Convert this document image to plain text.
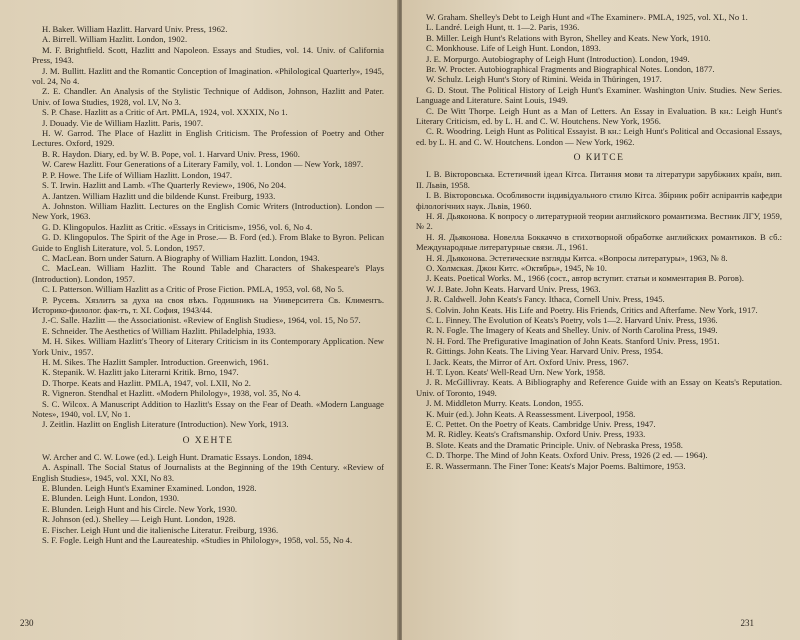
H. Baker. William Hazlitt. Harvard Univ. Press, 1962.

A. Birrell. William Hazlitt. London, 1902.

M. F. Brightfield. Scott, Hazlitt and Napoleon. Essays and Studies, vol. 14. Univ. of California Press, 1943.

J. M. Bullitt. Hazlitt and the Romantic Conception of Imagination. «Philological Quarterly», 1945, vol. 24, No 4.

Z. E. Chandler. An Analysis of the Stylistic Technique of Addison, Johnson, Hazlitt and Pater. Univ. of Iowa Studies, 1928, vol. LV, No 3.

S. P. Chase. Hazlitt as a Critic of Art. PMLA, 1924, vol. XXXIX, No 1.

J. Douady. Vie de William Hazlitt. Paris, 1907.

H. W. Garrod. The Place of Hazlitt in English Criticism. The Profession of Poetry and Other Lectures. Oxford, 1929.

B. R. Haydon. Diary, ed. by W. B. Pope, vol. 1. Harvard Univ. Press, 1960.

W. Carew Hazlitt. Four Generations of a Literary Family, vol. 1. London — New York, 1897.

P. P. Howe. The Life of William Hazlitt. London, 1947.

S. T. Irwin. Hazlitt and Lamb. «The Quarterly Review», 1906, No 204.

A. Jantzen. William Hazlitt und die bildende Kunst. Freiburg, 1933.

A. Johnston. William Hazlitt. Lectures on the English Comic Writers (Introduction). London — New York, 1963.

G. D. Klingopulos. Hazlitt as Critic. «Essays in Criticism», 1956, vol. 6, No 4.

G. D. Klingopulos. The Spirit of the Age in Prose.— B. Ford (ed.). From Blake to Byron. Pelican Guide to English Literature, vol. 5. London, 1957.

C. MacLean. Born under Saturn. A Biography of William Hazlitt. London, 1943.

C. MacLean. William Hazlitt. The Round Table and Characters of Shakespeare's Plays (Introduction). London, 1957.

C. I. Patterson. William Hazlitt as a Critic of Prose Fiction. PMLA, 1953, vol. 68, No 5.

Р. Русевъ. Хязлитъ за духа на своя вѣкъ. Годишникъ на Университета Св. Климентъ. Историко-филолог. фак-тъ, т. XI. София, 1943/44.

J.-C. Salle. Hazlitt — the Associationist. «Review of English Studies», 1964, vol. 15, No 57.

E. Schneider. The Aesthetics of William Hazlitt. Philadelphia, 1933.

M. H. Sikes. William Hazlitt's Theory of Literary Criticism in its Contemporary Application. New York Univ., 1957.

H. M. Sikes. The Hazlitt Sampler. Introduction. Greenwich, 1961.

K. Stepanik. W. Hazlitt jako Literarni Kritik. Brno, 1947.

D. Thorpe. Keats and Hazlitt. PMLA, 1947, vol. LXII, No 2.

R. Vigneron. Stendhal et Hazlitt. «Modern Philology», 1938, vol. 35, No 4.

S. C. Wilcox. A Manuscript Addition to Hazlitt's Essay on the Fear of Death. «Modern Language Notes», 1940, vol. LV, No 1.

J. Zeitlin. Hazlitt on English Literature (Introduction). New York, 1913.

О ХЕНТЕ

W. Archer and C. W. Lowe (ed.). Leigh Hunt. Dramatic Essays. London, 1894.

A. Aspinall. The Social Status of Journalists at the Beginning of the 19th Century. «Review of English Studies», 1945, vol. XXI, No 83.

E. Blunden. Leigh Hunt's Examiner Examined. London, 1928.

E. Blunden. Leigh Hunt. London, 1930.

E. Blunden. Leigh Hunt and his Circle. New York, 1930.

R. Johnson (ed.). Shelley — Leigh Hunt. London, 1928.

E. Fischer. Leigh Hunt und die italienische Literatur. Freiburg, 1936.

S. F. Fogle. Leigh Hunt and the Laureateship. «Studies in Philology», 1958, vol. 55, No 4.

230

W. Graham. Shelley's Debt to Leigh Hunt and «The Examiner». PMLA, 1925, vol. XL, No 1.

L. Landré. Leigh Hunt, tt. 1—2. Paris, 1936.

B. Miller. Leigh Hunt's Relations with Byron, Shelley and Keats. New York, 1910.

C. Monkhouse. Life of Leigh Hunt. London, 1893.

J. E. Morpurgo. Autobiography of Leigh Hunt (Introduction). London, 1949.

Br. W. Procter. Autobiographical Fragments and Biographical Notes. London, 1877.

W. Schulz. Leigh Hunt's Story of Rimini. Weida in Thüringen, 1917.

G. D. Stout. The Political History of Leigh Hunt's Examiner. Washington Univ. Studies. New Series. Language and Literature. Saint Louis, 1949.

C. De Witt Thorpe. Leigh Hunt as a Man of Letters. An Essay in Evaluation. В кн.: Leigh Hunt's Literary Criticism, ed. by L. H. and C. W. Houtchens. New York, 1956.

C. R. Woodring. Leigh Hunt as Political Essayist. В кн.: Leigh Hunt's Political and Occasional Essays, ed. by L. H. and C. W. Houtchens. London — New York, 1962.

О КИТСЕ

I. В. Вікторовська. Естетичний ідеал Кітса. Питання мови та літератури зарубіжних країн, вип. II. Львів, 1958.

I. В. Вікторовська. Особливости індивідуального стилю Кітса. Збірник робіт аспірантів кафедри філологічних наук. Львів, 1960.

Н. Я. Дьяконова. К вопросу о литературной теории английского романтизма. Вестник ЛГУ, 1959, № 2.

Н. Я. Дьяконова. Новелла Боккаччо в стихотворной обработке английских романтиков. В сб.: Международные литературные связи. Л., 1961.

Н. Я. Дьяконова. Эстетические взгляды Китса. «Вопросы литературы», 1963, № 8.

О. Холмская. Джон Китс. «Октябрь», 1945, № 10.

J. Keats. Poetical Works. M., 1966 (сост., автор вступит. статьи и комментария В. Рогов).

W. J. Bate. John Keats. Harvard Univ. Press, 1963.

J. R. Caldwell. John Keats's Fancy. Ithaca, Cornell Univ. Press, 1945.

S. Colvin. John Keats. His Life and Poetry. His Friends, Critics and Afterfame. New York, 1917.

C. L. Finney. The Evolution of Keats's Poetry, vols 1—2. Harvard Univ. Press, 1936.

R. N. Fogle. The Imagery of Keats and Shelley. Univ. of North Carolina Press, 1949.

N. H. Ford. The Prefigurative Imagination of John Keats. Stanford Univ. Press, 1951.

R. Gittings. John Keats. The Living Year. Harvard Univ. Press, 1954.

I. Jack. Keats, the Mirror of Art. Oxford Univ. Press, 1967.

H. T. Lyon. Keats' Well-Read Urn. New York, 1958.

J. R. McGillivray. Keats. A Bibliography and Reference Guide with an Essay on Keats's Reputation. Univ. of Toronto, 1949.

J. M. Middleton Murry. Keats. London, 1955.

K. Muir (ed.). John Keats. A Reassessment. Liverpool, 1958.

E. C. Pettet. On the Poetry of Keats. Cambridge Univ. Press, 1947.

M. R. Ridley. Keats's Craftsmanship. Oxford Univ. Press, 1933.

B. Slote. Keats and the Dramatic Principle. Univ. of Nebraska Press, 1958.

C. D. Thorpe. The Mind of John Keats. Oxford Univ. Press, 1926 (2 ed. — 1964).

E. R. Wassermann. The Finer Tone: Keats's Major Poems. Baltimore, 1953.

231
